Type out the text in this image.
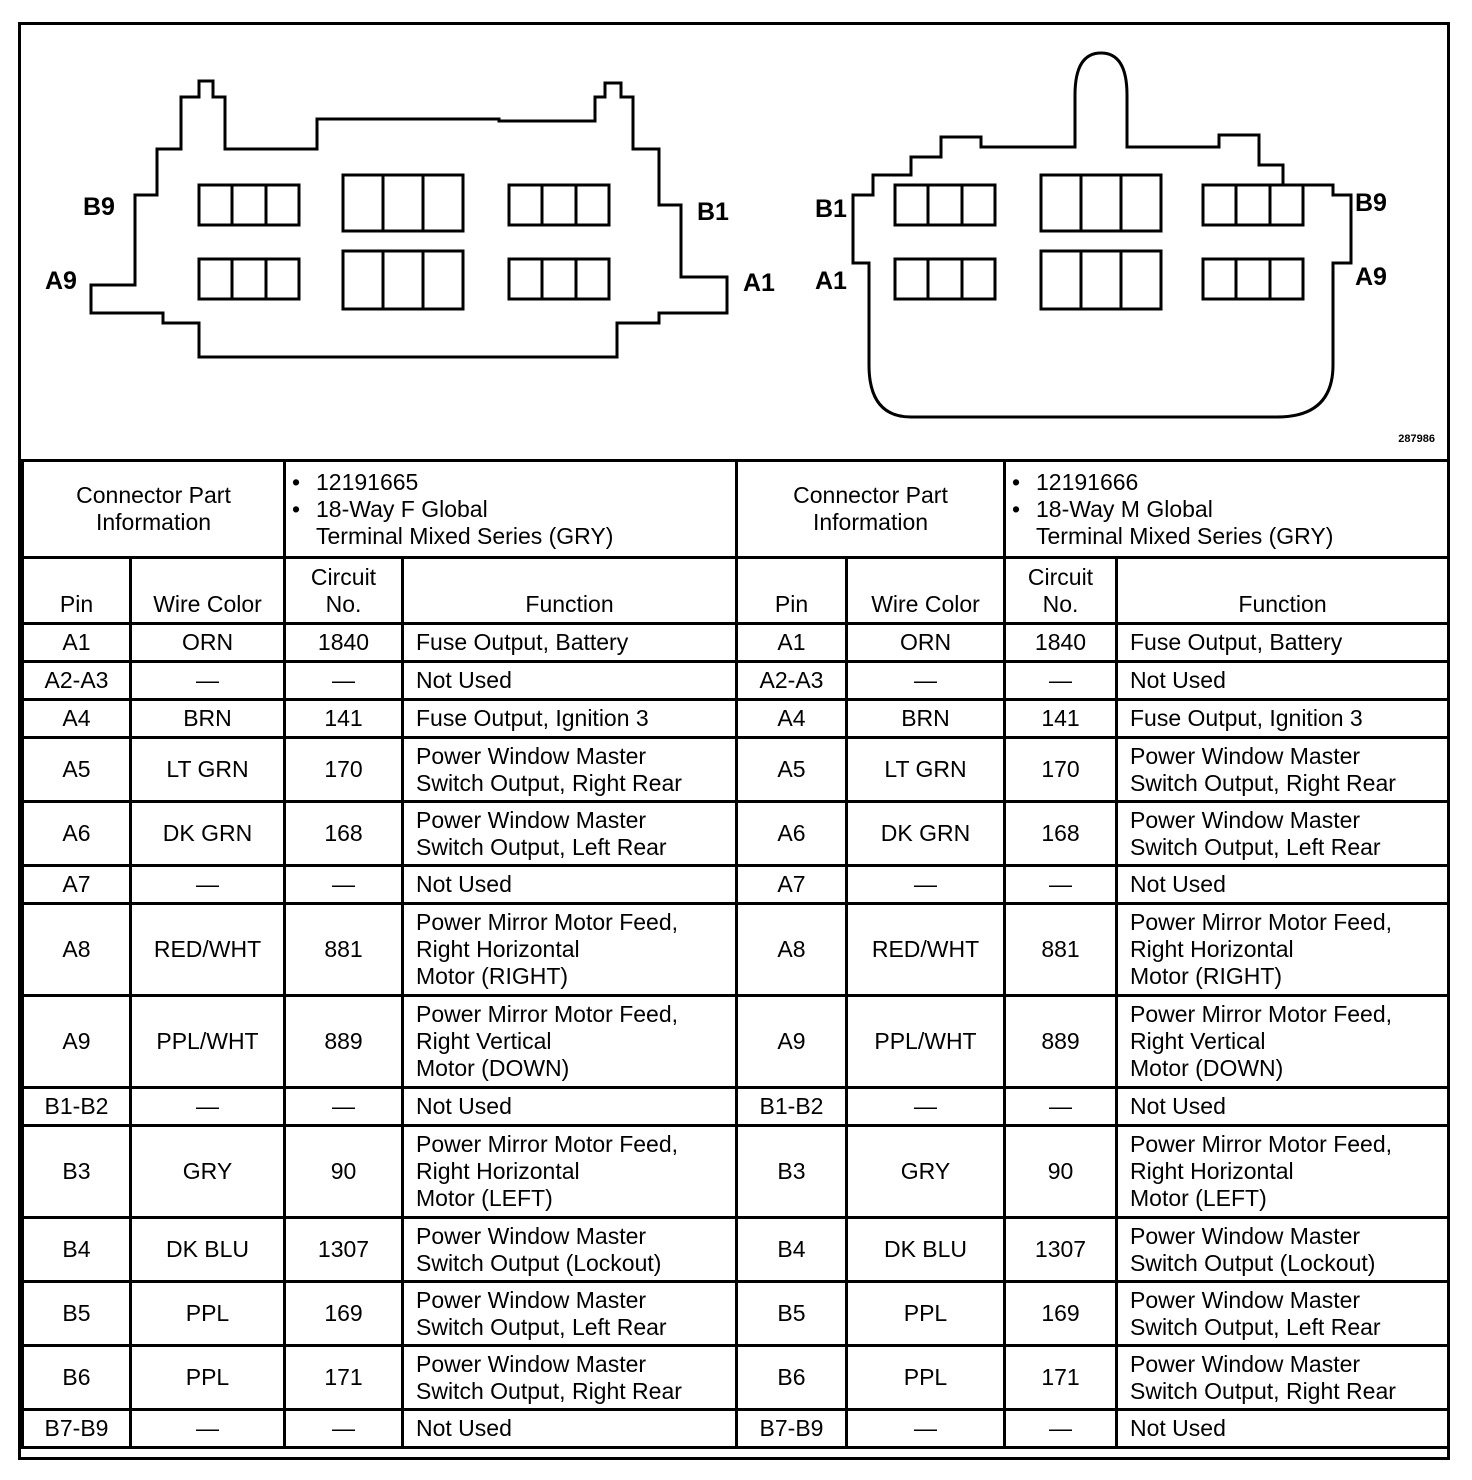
B9
A9
B1
A1
B1
A1
B9
A9
287986
Connector Part Information		• 12191665
• 18-Way F Global
Terminal Mixed Series (GRY)		Connector Part Information		• 12191666
• 18-Way M Global
Terminal Mixed Series (GRY)

Pin	Wire Color	Circuit
No.	Function	Pin	Wire Color	Circuit
No.	Function
A1	ORN	1840	Fuse Output, Battery	A1	ORN	1840	Fuse Output, Battery

A2-A3	—	—	Not Used	A2-A3	—	—	Not Used

A4	BRN	141	Fuse Output, Ignition 3	A4	BRN	141	Fuse Output, Ignition 3

A5	LT GRN	170	Power Window Master
Switch Output, Right Rear	A5	LT GRN	170	Power Window Master
Switch Output, Right Rear

A6	DK GRN	168	Power Window Master
Switch Output, Left Rear	A6	DK GRN	168	Power Window Master
Switch Output, Left Rear

A7	—	—	Not Used	A7	—	—	Not Used

A8	RED/WHT	881	Power Mirror Motor Feed,
Right Horizontal
Motor (RIGHT)	A8	RED/WHT	881	Power Mirror Motor Feed,
Right Horizontal
Motor (RIGHT)

A9	PPL/WHT	889	Power Mirror Motor Feed,
Right Vertical
Motor (DOWN)	A9	PPL/WHT	889	Power Mirror Motor Feed,
Right Vertical
Motor (DOWN)

B1-B2	—	—	Not Used	B1-B2	—	—	Not Used

B3	GRY	90	Power Mirror Motor Feed,
Right Horizontal
Motor (LEFT)	B3	GRY	90	Power Mirror Motor Feed,
Right Horizontal
Motor (LEFT)

B4	DK BLU	1307	Power Window Master
Switch Output (Lockout)	B4	DK BLU	1307	Power Window Master
Switch Output (Lockout)

B5	PPL	169	Power Window Master
Switch Output, Left Rear	B5	PPL	169	Power Window Master
Switch Output, Left Rear

B6	PPL	171	Power Window Master
Switch Output, Right Rear	B6	PPL	171	Power Window Master
Switch Output, Right Rear

B7-B9	—	—	Not Used	B7-B9	—	—	Not Used
